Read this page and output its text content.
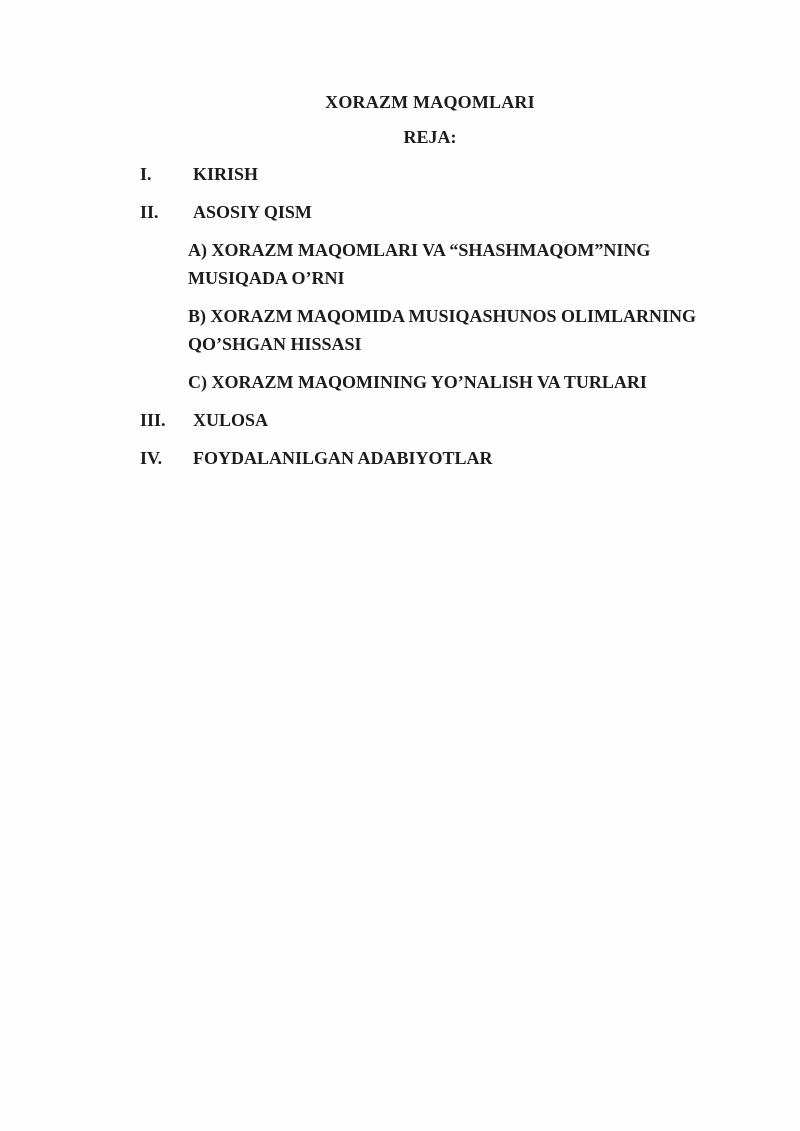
XORAZM MAQOMLARI
REJA:
I.	KIRISH
II.	ASOSIY QISM
A) XORAZM MAQOMLARI VA “SHASHMAQOM”NING
MUSIQADA O’RNI
B) XORAZM MAQOMIDA MUSIQASHUNOS OLIMLARNING
QO’SHGAN HISSASI
C) XORAZM MAQOMINING YO’NALISH VA TURLARI
III.	XULOSA
IV.	FOYDALANILGAN ADABIYOTLAR
